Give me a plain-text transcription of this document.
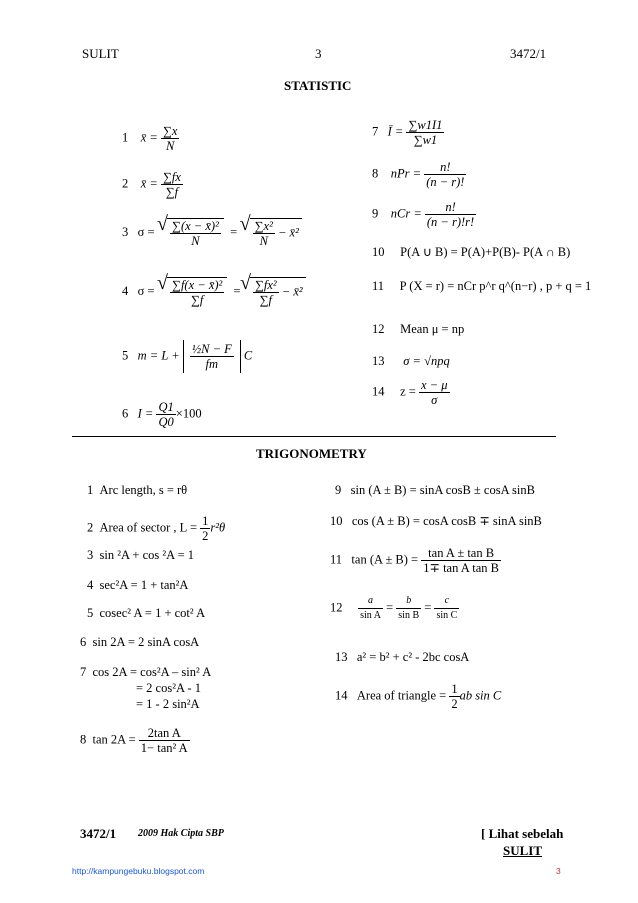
SULIT	3	3472/1
STATISTIC
1 x̄ = $\frac{\sum x}{N}$
2 x̄ = $\frac{\sum fx}{\sum f}$
3 σ = √ $\frac{\text{∑(x − x̄)²}}{N}$ = √ $\frac{\text{∑x²}}{N}$ − x̄²
4 σ = √ $\frac{\text{∑f(x − x̄)²}}{\sum f}$ = √ $\frac{\text{∑fx²}}{\sum f}$ − x̄²
5 $m = L + \frac{\text{½N − F}}{fm}$ C
6 $I = \frac{Q1}{Q0} \times 100$
7 Ī = $\frac{\sum w1I1}{\sum w1}$
8 nPr = $\frac{n!}{(n - r)!}$
9 nCr = $\frac{n!}{(n - r)!r!}$
10 P(A ∪ B) = P(A)+P(B)- P(A ∩ B)
11 P (X = r) = nCr p^r q^(n−r) , p + q = 1
12 Mean μ = np
13 σ = √npq
14 $z = \frac{x - \mu}{\sigma}$
TRIGONOMETRY
1 Arc length, s = rθ
2 Area of sector , $L = \frac{1}{2} r^2\theta$
3 sin ²A + cos ²A = 1
4 sec²A = 1 + tan²A
5 cosec² A = 1 + cot² A
6 sin 2A = 2 sinA cosA
7 cos 2A = cos²A – sin² A
= 2 cos²A - 1
= 1 - 2 sin²A
8 $\tan 2A = \frac{\text{2tan A}}{\text{1− tan² A}}$
9 sin (A ± B) = sinA cosB ± cosA sinB
10 cos (A ± B) = cosA cosB ∓ sinA sinB
11 $\tan (A \pm B) = \frac{\text{tan A ± tan B}}{\text{1∓ tan A tan B}}$
$12 \frac{a}{\text{sin A}} = \frac{b}{\text{sin B}} = \frac{c}{\text{sin C}}$
13 a² = b² + c² - 2bc cosA
14 Area of triangle = $\frac{1}{2}$ ab sin C
3472/1 2009 Hak Cipta SBP	[ Lihat sebelah
SULIT
http://kampungebuku.blogspot.com	3
